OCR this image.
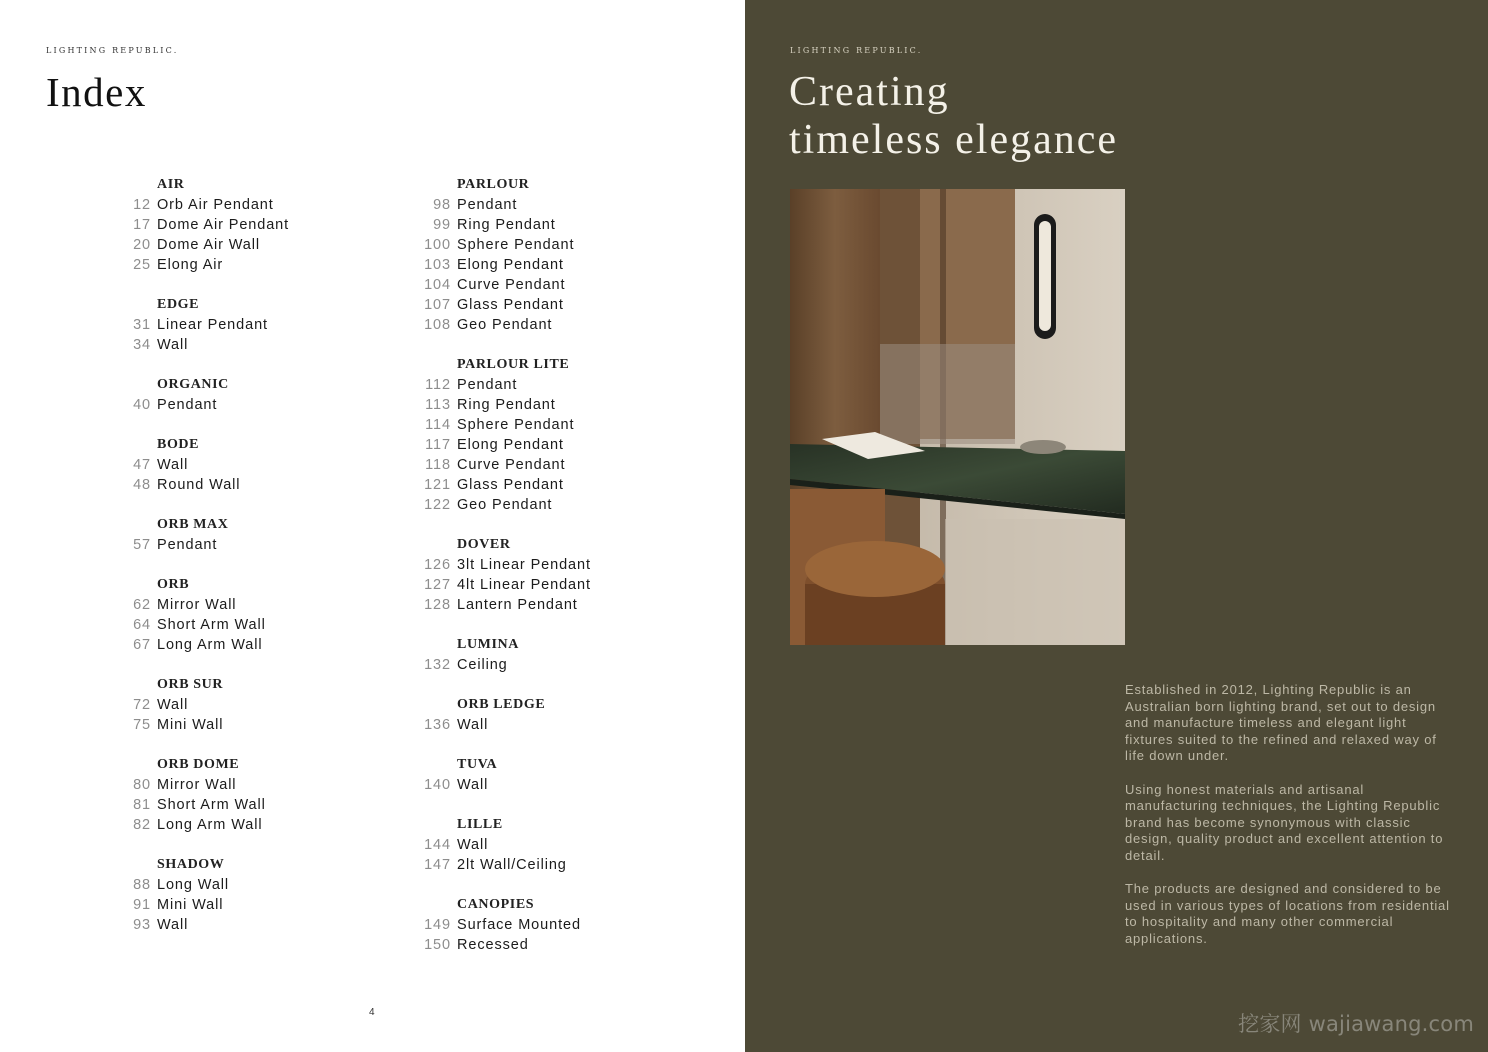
LIGHTING REPUBLIC.
Index
AIR
12 Orb Air Pendant
17 Dome Air Pendant
20 Dome Air Wall
25 Elong Air
EDGE
31 Linear Pendant
34 Wall
ORGANIC
40 Pendant
BODE
47 Wall
48 Round Wall
ORB MAX
57 Pendant
ORB
62 Mirror Wall
64 Short Arm Wall
67 Long Arm Wall
ORB SUR
72 Wall
75 Mini Wall
ORB DOME
80 Mirror Wall
81 Short Arm Wall
82 Long Arm Wall
SHADOW
88 Long Wall
91 Mini Wall
93 Wall
PARLOUR
98 Pendant
99 Ring Pendant
100 Sphere Pendant
103 Elong Pendant
104 Curve Pendant
107 Glass Pendant
108 Geo Pendant
PARLOUR LITE
112 Pendant
113 Ring Pendant
114 Sphere Pendant
117 Elong Pendant
118 Curve Pendant
121 Glass Pendant
122 Geo Pendant
DOVER
126 3lt Linear Pendant
127 4lt Linear Pendant
128 Lantern Pendant
LUMINA
132 Ceiling
ORB LEDGE
136 Wall
TUVA
140 Wall
LILLE
144 Wall
147 2lt Wall/Ceiling
CANOPIES
149 Surface Mounted
150 Recessed
4
LIGHTING REPUBLIC.
Creating
timeless elegance

Established in 2012, Lighting Republic is an Australian born lighting brand, set out to design and manufacture timeless and elegant light fixtures suited to the refined and relaxed way of life down under.

Using honest materials and artisanal manufacturing techniques, the Lighting Republic brand has become synonymous with classic design, quality product and excellent attention to detail.

The products are designed and considered to be used in various types of locations from residential to hospitality and many other commercial applications.

挖家网 wajiawang.com
